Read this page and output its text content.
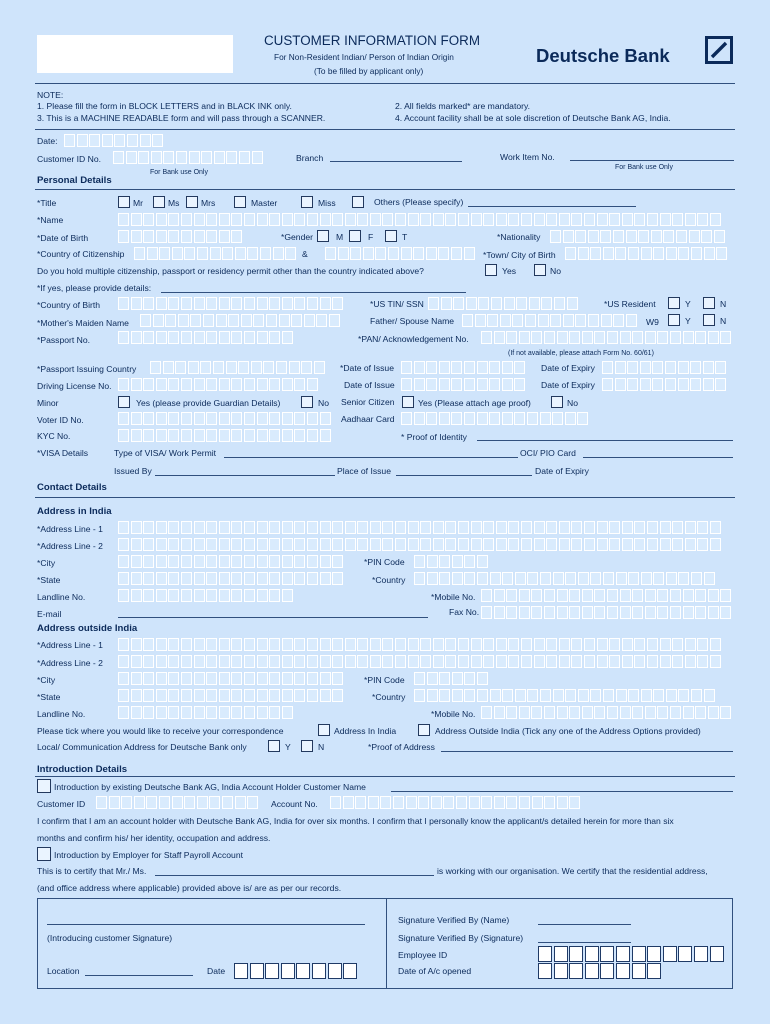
CUSTOMER INFORMATION FORM
For Non-Resident Indian/ Person of Indian Origin
(To be filled by applicant only)
Deutsche Bank
NOTE:
1. Please fill the form in BLOCK LETTERS and in BLACK INK only.	2. All fields marked* are mandatory.
3. This is a MACHINE READABLE form and will pass through a SCANNER.	4. Account facility shall be at sole discretion of Deutsche Bank AG, India.
Date:
Customer ID No.
For Bank use Only
Branch	Work Item No.
For Bank use Only
Personal Details
*Title	Mr	Ms	Mrs	Master	Miss	Others (Please specify)
*Name
*Date of Birth	*Gender	M	F	T	*Nationality
*Country of Citizenship	&	*Town/ City of Birth
Do you hold multiple citizenship, passport or residency permit other than the country indicated above?	Yes	No
*If yes, please provide details:
*Country of Birth	*US TIN/ SSN	*US Resident	Y	N
*Mother's Maiden Name	Father/ Spouse Name	W9	Y	N
*Passport No.	*PAN/ Acknowledgement No.
(If not available, please attach Form No. 60/61)
*Passport Issuing Country	*Date of Issue	Date of Expiry
Driving License No.	Date of Issue	Date of Expiry
Minor	Yes (please provide Guardian Details)	No Senior Citizen	Yes (Please attach age proof)	No
Voter ID No.	Aadhaar Card
KYC No.	* Proof of Identity
*VISA Details	Type of VISA/ Work Permit	OCI/ PIO Card
Issued By	Place of Issue	Date of Expiry
Contact Details
Address in India
*Address Line - 1
*Address Line - 2
*City	*PIN Code
*State	*Country
Landline No.	*Mobile No.
E-mail	Fax No.
Address outside India
*Address Line - 1
*Address Line - 2
*City	*PIN Code
*State	*Country
Landline No.	*Mobile No.
Please tick where you would like to receive your correspondence	Address In India	Address Outside India (Tick any one of the Address Options provided)
Local/ Communication Address for Deutsche Bank only	Y	N	*Proof of Address
Introduction Details
Introduction by existing Deutsche Bank AG, India Account Holder Customer Name
Customer ID	Account No.
I confirm that I am an account holder with Deutsche Bank AG, India for over six months. I confirm that I personally know the applicant/s detailed herein for more than six
months and confirm his/ her identity, occupation and address.
Introduction by Employer for Staff Payroll Account
This is to certify that Mr./ Ms.	is working with our organisation. We certify that the residential address,
(and office address where applicable) provided above is/ are as per our records.
(Introducing customer Signature)
Location	Date
Signature Verified By (Name)
Signature Verified By (Signature)
Employee ID
Date of A/c opened
